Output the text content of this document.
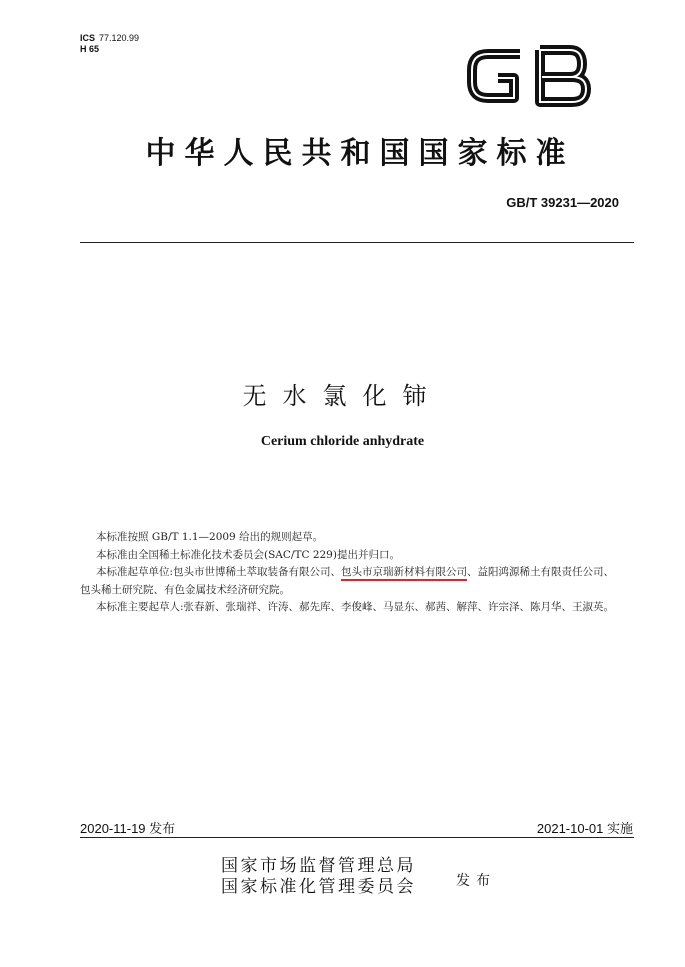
ICS 77.120.99
H 65
中华人民共和国国家标准
GB/T 39231—2020
无水氯化铈
Cerium chloride anhydrate

本标准按照 GB/T 1.1—2009 给出的规则起草。

本标准由全国稀土标准化技术委员会(SAC/TC 229)提出并归口。

本标准起草单位:包头市世博稀土萃取装备有限公司、包头市京瑞新材料有限公司、益阳鸿源稀土有限责任公司、包头稀土研究院、有色金属技术经济研究院。

本标准主要起草人:张春新、张瑞祥、许涛、郝先库、李俊峰、马显东、郝茜、解萍、许宗泽、陈月华、王淑英。

2020-11-19 发布	2021-10-01 实施
国家市场监督管理总局
国家标准化管理委员会	发布
